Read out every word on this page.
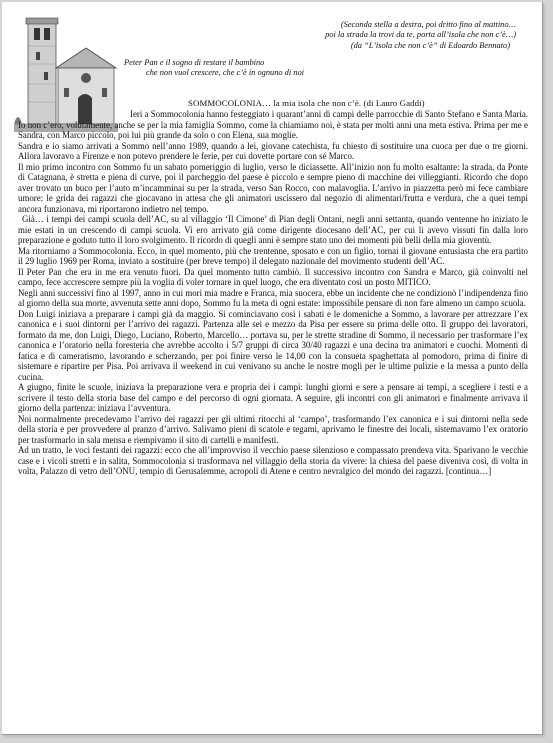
(Seconda stella a destra, poi dritto fino al mattino…
poi la strada la trovi da te, porta all’isola che non c’è…)
(da “L’isola che non c’è” di Edoardo Bennato)
Peter Pan e il sogno di restare il bambino
che non vuol crescere, che c’è in ognuno di noi
SOMMOCOLONIA… la mia isola che non c’è. (di Lauro Gaddi)

Ieri a Sommocolonia hanno festeggiato i quarant’anni di campi delle parrocchie di Santo Stefano e Santa Maria. Io non c’ero, volutamente, anche se per la mia famiglia Sommo, come la chiamiamo noi, è stata per molti anni una meta estiva. Prima per me e Sandra, con Marco piccolo, poi lui più grande da solo o con Elena, sua moglie.

Sandra e io siamo arrivati a Sommo nell’anno 1989, quando a lei, giovane catechista, fu chiesto di sostituire una cuoca per due o tre giorni. Allora lavoravo a Firenze e non potevo prendere le ferie, per cui dovette portare con sé Marco.

Il mio primo incontro con Sommo fu un sabato pomeriggio di luglio, verso le diciassette. All’inizio non fu molto esaltante: la strada, da Ponte di Catagnana, è stretta e piena di curve, poi il parcheggio del paese è piccolo e sempre pieno di macchine dei villeggianti. Ricordo che dopo aver trovato un buco per l’auto m’incamminai su per la strada, verso San Rocco, con malavoglia. L’arrivo in piazzetta però mi fece cambiare umore: le grida dei ragazzi che giocavano in attesa che gli animatori uscissero dal negozio di alimentari/frutta e verdura, che a quei tempi ancora funzionava, mi riportarono indietro nel tempo.

Già… i tempi dei campi scuola dell’AC, su al villaggio ‘Il Cimone’ di Pian degli Ontani, negli anni settanta, quando ventenne ho iniziato le mie estati in un crescendo di campi scuola. Vi ero arrivato già come dirigente diocesano dell’AC, per cui li avevo vissuti fin dalla loro preparazione e goduto tutto il loro svolgimento. Il ricordo di quegli anni è sempre stato uno dei momenti più belli della mia gioventù.

Ma ritorniamo a Sommocolonia. Ecco, in quel momento, più che trentenne, sposato e con un figlio, tornai il giovane entusiasta che era partito il 29 luglio 1969 per Roma, inviato a sostituire (per breve tempo) il delegato nazionale del movimento studenti dell’AC.

Il Peter Pan che era in me era venuto fuori. Da quel momento tutto cambiò. Il successivo incontro con Sandra e Marco, già coinvolti nel campo, fece accrescere sempre più la voglia di voler tornare in quel luogo, che era diventato così un posto MITICO.

Negli anni successivi fino al 1997, anno in cui morì mia madre e Franca, mia suocera, ebbe un incidente che ne condizionò l’indipendenza fino al giorno della sua morte, avvenuta sette anni dopo, Sommo fu la meta di ogni estate: impossibile pensare di non fare almeno un campo scuola.

Don Luigi iniziava a preparare i campi già da maggio. Si cominciavano così i sabati e le domeniche a Sommo, a lavorare per attrezzare l’ex canonica e i suoi dintorni per l’arrivo dei ragazzi. Partenza alle sei e mezzo da Pisa per essere su prima delle otto. Il gruppo dei lavoratori, formato da me, don Luigi, Diego, Luciano, Roberto, Marcello… portava su, per le strette stradine di Sommo, il necessario per trasformare l’ex canonica e l’oratorio nella foresteria che avrebbe accolto i 5/7 gruppi di circa 30/40 ragazzi e una decina tra animatori e cuochi. Momenti di fatica e di cameratismo, lavorando e scherzando, per poi finire verso le 14,00 con la consueta spaghettata al pomodoro, prima di finire di sistemare e ripartire per Pisa. Poi arrivava il weekend in cui venivano su anche le nostre mogli per le ultime pulizie e la messa a punto della cucina.

A giugno, finite le scuole, iniziava la preparazione vera e propria dei i campi: lunghi giorni e sere a pensare ai tempi, a scegliere i testi e a scrivere il testo della storia base del campo e del percorso di ogni giornata. A seguire, gli incontri con gli animatori e finalmente arrivava il giorno della partenza: iniziava l’avventura.

Noi normalmente precedevamo l’arrivo dei ragazzi per gli ultimi ritocchi al ‘campo’, trasformando l’ex canonica e i sui dintorni nella sede della storia e per provvedere al pranzo d’arrivo. Salivamo pieni di scatole e tegami, aprivamo le finestre dei locali, sistemavamo l’ex oratorio per trasformarlo in sala mensa e riempivamo il sito di cartelli e manifesti.

Ad un tratto, le voci festanti dei ragazzi: ecco che all’improvviso il vecchio paese silenzioso e compassato prendeva vita. Sparivano le vecchie case e i vicoli stretti e in salita, Sommocolonia si trasformava nel villaggio della storia da vivere: la chiesa del paese diveniva così, di volta in volta, Palazzo di vetro dell’ONU, tempio di Gerusalemme, acropoli di Atene e centro nevralgico del mondo dei ragazzi. [continua…]
